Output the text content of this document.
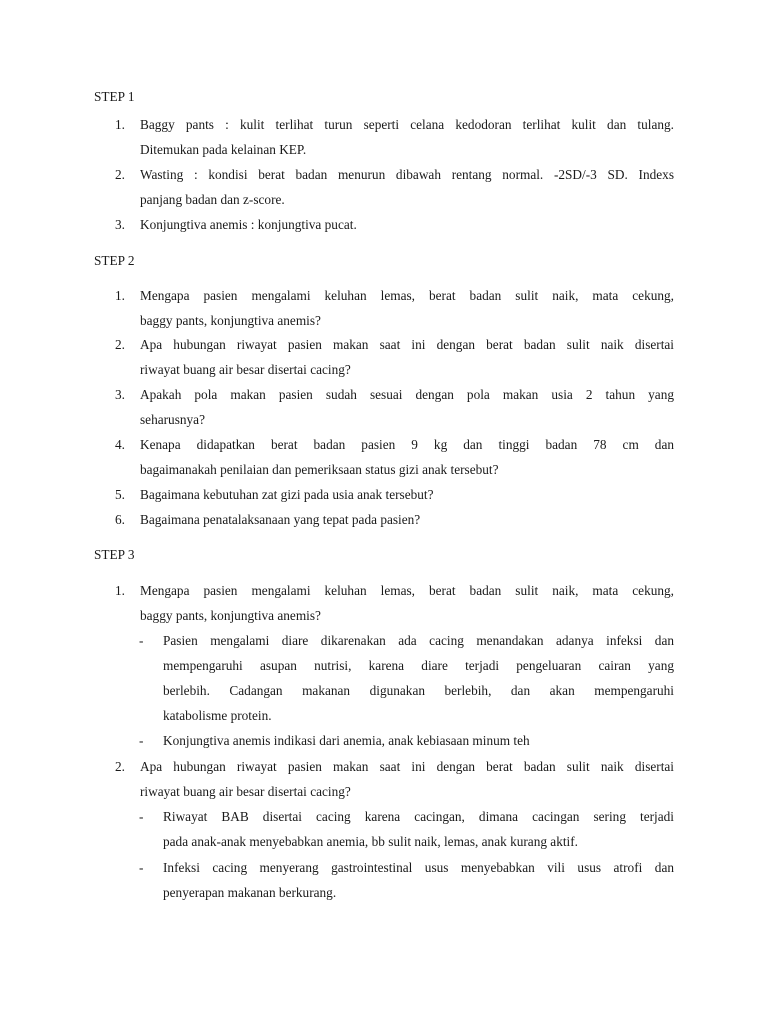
STEP 1
1. Baggy pants : kulit terlihat turun seperti celana kedodoran terlihat kulit dan tulang.
Ditemukan pada kelainan KEP.
2. Wasting : kondisi berat badan menurun dibawah rentang normal. -2SD/-3 SD. Indexs
panjang badan dan z-score.
3. Konjungtiva anemis : konjungtiva pucat.
STEP 2
1. Mengapa pasien mengalami keluhan lemas, berat badan sulit naik, mata cekung,
baggy pants, konjungtiva anemis?
2. Apa hubungan riwayat pasien makan saat ini dengan berat badan sulit naik disertai
riwayat buang air besar disertai cacing?
3. Apakah pola makan pasien sudah sesuai dengan pola makan usia 2 tahun yang
seharusnya?
4. Kenapa didapatkan berat badan pasien 9 kg dan tinggi badan 78 cm dan
bagaimanakah penilaian dan pemeriksaan status gizi anak tersebut?
5. Bagaimana kebutuhan zat gizi pada usia anak tersebut?
6. Bagaimana penatalaksanaan yang tepat pada pasien?
STEP 3
1. Mengapa pasien mengalami keluhan lemas, berat badan sulit naik, mata cekung,
baggy pants, konjungtiva anemis?
- Pasien mengalami diare dikarenakan ada cacing menandakan adanya infeksi dan
mempengaruhi asupan nutrisi, karena diare terjadi pengeluaran cairan yang
berlebih. Cadangan makanan digunakan berlebih, dan akan mempengaruhi
katabolisme protein.
- Konjungtiva anemis indikasi dari anemia, anak kebiasaan minum teh
2. Apa hubungan riwayat pasien makan saat ini dengan berat badan sulit naik disertai
riwayat buang air besar disertai cacing?
- Riwayat BAB disertai cacing karena cacingan, dimana cacingan sering terjadi
pada anak-anak menyebabkan anemia, bb sulit naik, lemas, anak kurang aktif.
- Infeksi cacing menyerang gastrointestinal usus menyebabkan vili usus atrofi dan
penyerapan makanan berkurang.
